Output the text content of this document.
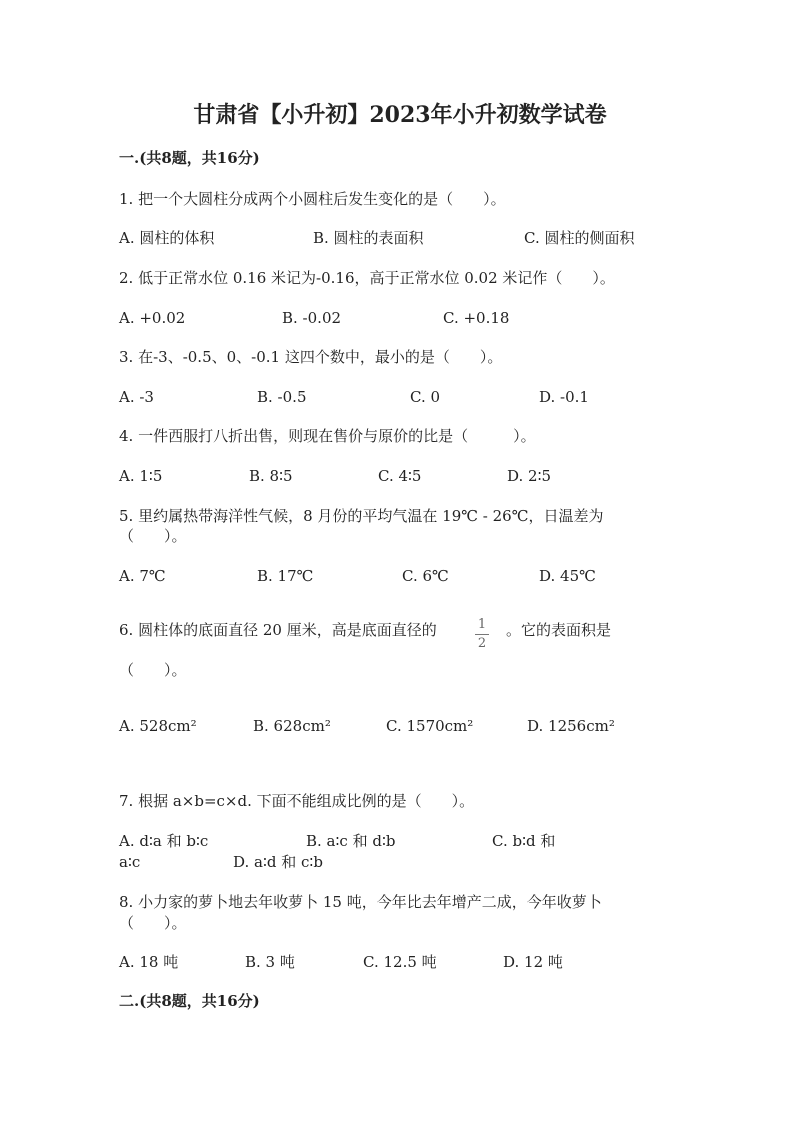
甘肃省【小升初】2023年小升初数学试卷
一.(共8题，共16分)
1. 把一个大圆柱分成两个小圆柱后发生变化的是（　　）。
A. 圆柱的体积	B. 圆柱的表面积	C. 圆柱的侧面积
2. 低于正常水位 0.16 米记为-0.16，高于正常水位 0.02 米记作（　　）。
A. +0.02	B. -0.02	C. +0.18
3. 在-3、-0.5、0、-0.1 这四个数中，最小的是（　　）。
A. -3	B. -0.5	C. 0	D. -0.1
4. 一件西服打八折出售，则现在售价与原价的比是（　　　）。
A. 1∶5	B. 8∶5	C. 4∶5	D. 2∶5
5. 里约属热带海洋性气候，8 月份的平均气温在 19℃ - 26℃，日温差为
（　　）。
A. 7℃	B. 17℃	C. 6℃	D. 45℃
6. 圆柱体的底面直径 20 厘米，高是底面直径的	1
2
。它的表面积是
（　　）。
A. 528cm²	B. 628cm²	C. 1570cm²	D. 1256cm²
7. 根据 a×b=c×d. 下面不能组成比例的是（　　）。
A. d∶a 和 b∶c	B. a∶c 和 d∶b	C. b∶d 和
a∶c	D. a∶d 和 c∶b
8. 小力家的萝卜地去年收萝卜 15 吨，今年比去年增产二成，今年收萝卜
（　　）。
A. 18 吨	B. 3 吨	C. 12.5 吨	D. 12 吨
二.(共8题，共16分)
